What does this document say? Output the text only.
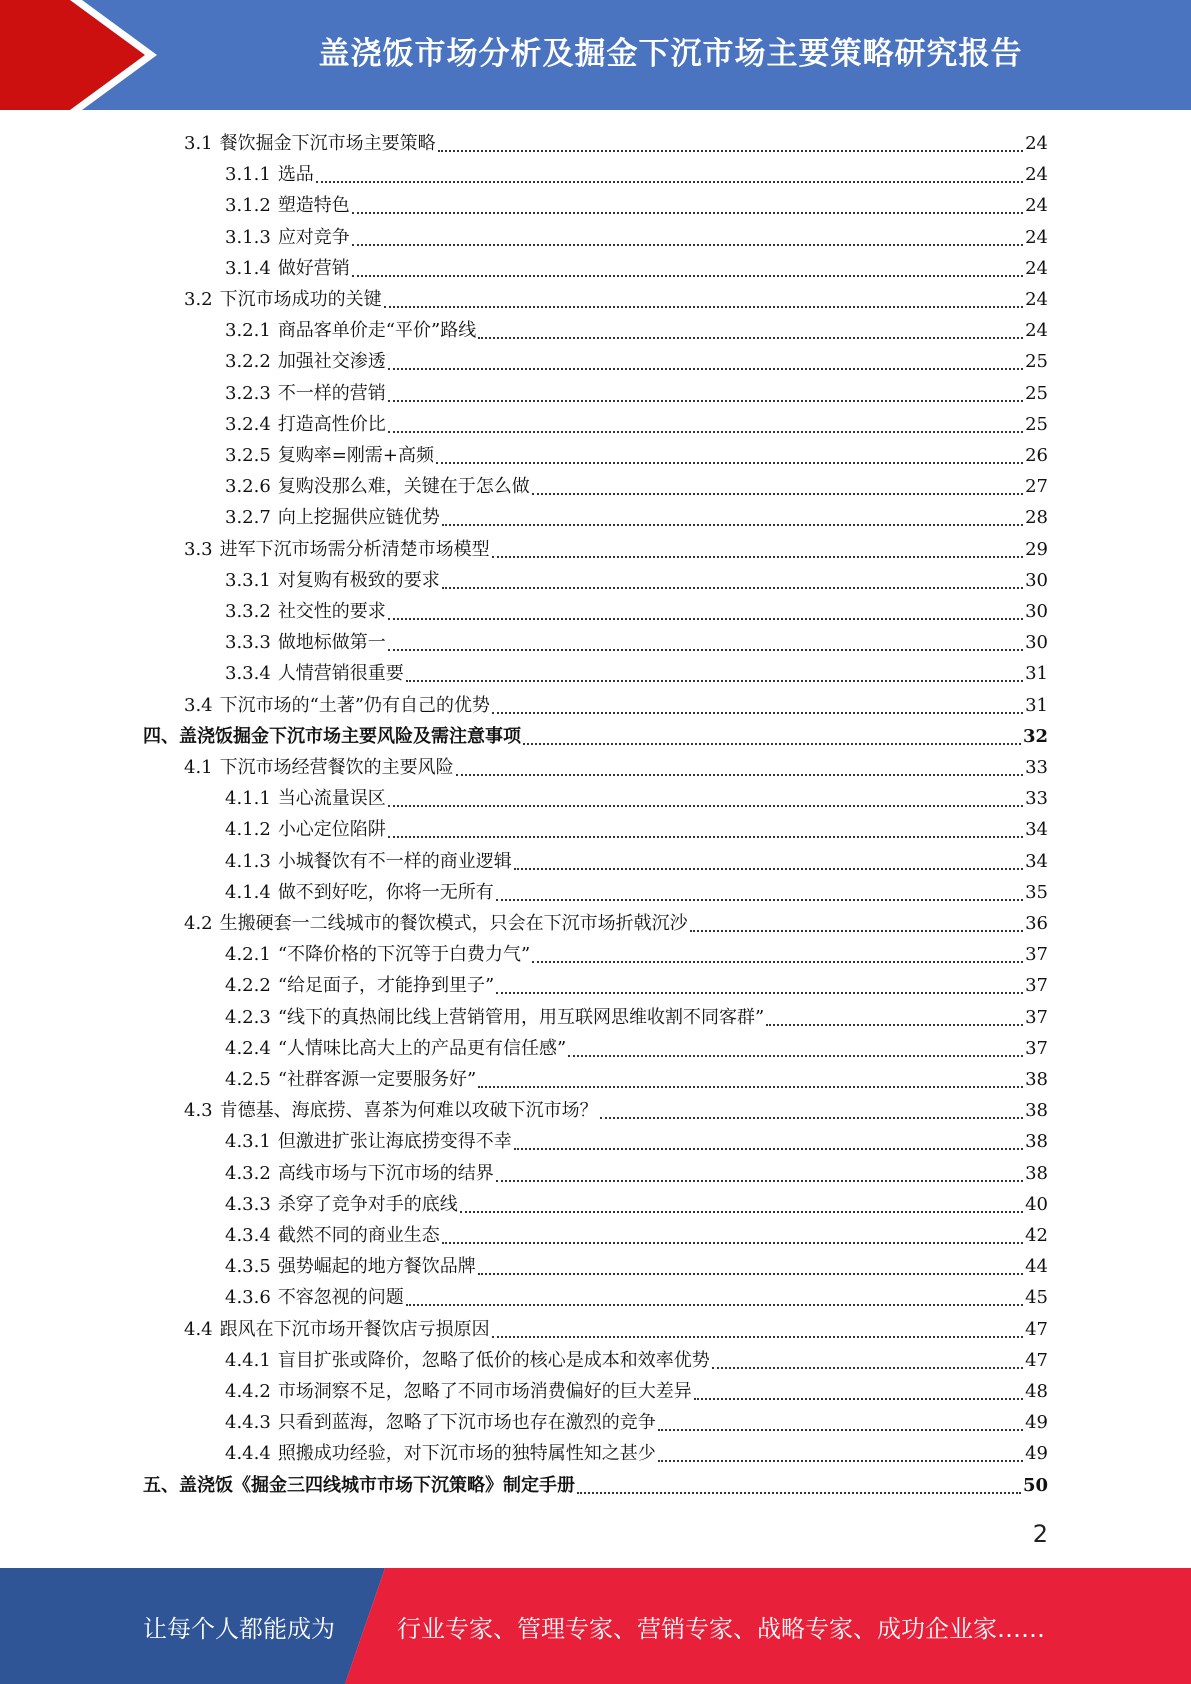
盖浇饭市场分析及掘金下沉市场主要策略研究报告
3.1 餐饮掘金下沉市场主要策略	24
3.1.1 选品	24
3.1.2 塑造特色	24
3.1.3 应对竞争	24
3.1.4 做好营销	24
3.2 下沉市场成功的关键	24
3.2.1 商品客单价走“平价”路线	24
3.2.2 加强社交渗透	25
3.2.3 不一样的营销	25
3.2.4 打造高性价比	25
3.2.5 复购率=刚需+高频	26
3.2.6 复购没那么难，关键在于怎么做	27
3.2.7 向上挖掘供应链优势	28
3.3 进军下沉市场需分析清楚市场模型	29
3.3.1 对复购有极致的要求	30
3.3.2 社交性的要求	30
3.3.3 做地标做第一	30
3.3.4 人情营销很重要	31
3.4 下沉市场的“土著”仍有自己的优势	31
四、盖浇饭掘金下沉市场主要风险及需注意事项	32
4.1 下沉市场经营餐饮的主要风险	33
4.1.1 当心流量误区	33
4.1.2 小心定位陷阱	34
4.1.3 小城餐饮有不一样的商业逻辑	34
4.1.4 做不到好吃，你将一无所有	35
4.2 生搬硬套一二线城市的餐饮模式，只会在下沉市场折戟沉沙	36
4.2.1 “不降价格的下沉等于白费力气”	37
4.2.2 “给足面子，才能挣到里子”	37
4.2.3 “线下的真热闹比线上营销管用，用互联网思维收割不同客群”	37
4.2.4 “人情味比高大上的产品更有信任感”	37
4.2.5 “社群客源一定要服务好”	38
4.3 肯德基、海底捞、喜茶为何难以攻破下沉市场？	38
4.3.1 但激进扩张让海底捞变得不幸	38
4.3.2 高线市场与下沉市场的结界	38
4.3.3 杀穿了竞争对手的底线	40
4.3.4 截然不同的商业生态	42
4.3.5 强势崛起的地方餐饮品牌	44
4.3.6 不容忽视的问题	45
4.4 跟风在下沉市场开餐饮店亏损原因	47
4.4.1 盲目扩张或降价，忽略了低价的核心是成本和效率优势	47
4.4.2 市场洞察不足，忽略了不同市场消费偏好的巨大差异	48
4.4.3 只看到蓝海，忽略了下沉市场也存在激烈的竞争	49
4.4.4 照搬成功经验，对下沉市场的独特属性知之甚少	49
五、盖浇饭《掘金三四线城市市场下沉策略》制定手册	50
2
让每个人都能成为	行业专家、管理专家、营销专家、战略专家、成功企业家……
